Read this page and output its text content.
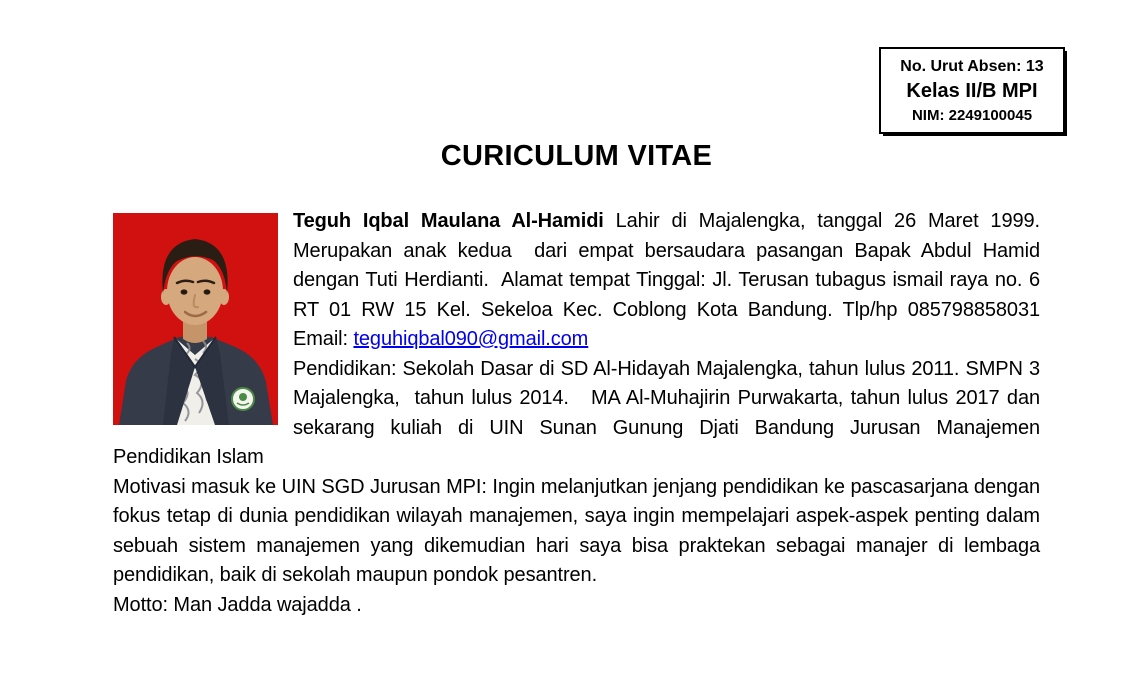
No. Urut Absen: 13
Kelas II/B MPI
NIM: 2249100045
CURICULUM VITAE

Teguh Iqbal Maulana Al-Hamidi Lahir di Majalengka, tanggal 26 Maret 1999. Merupakan anak kedua  dari empat bersaudara pasangan Bapak Abdul Hamid dengan Tuti Herdianti.  Alamat tempat Tinggal: Jl. Terusan tubagus ismail raya no. 6 RT 01 RW 15 Kel. Sekeloa Kec. Coblong Kota Bandung. Tlp/hp 085798858031 Email: teguhiqbal090@gmail.com

Pendidikan: Sekolah Dasar di SD Al-Hidayah Majalengka, tahun lulus 2011. SMPN 3 Majalengka,  tahun lulus 2014.   MA Al-Muhajirin Purwakarta, tahun lulus 2017 dan sekarang kuliah di UIN Sunan Gunung Djati Bandung Jurusan Manajemen Pendidikan Islam

Motivasi masuk ke UIN SGD Jurusan MPI: Ingin melanjutkan jenjang pendidikan ke pascasarjana dengan fokus tetap di dunia pendidikan wilayah manajemen, saya ingin mempelajari aspek-aspek penting dalam sebuah sistem manajemen yang dikemudian hari saya bisa praktekan sebagai manajer di lembaga pendidikan, baik di sekolah maupun pondok pesantren.

Motto: Man Jadda wajadda .
